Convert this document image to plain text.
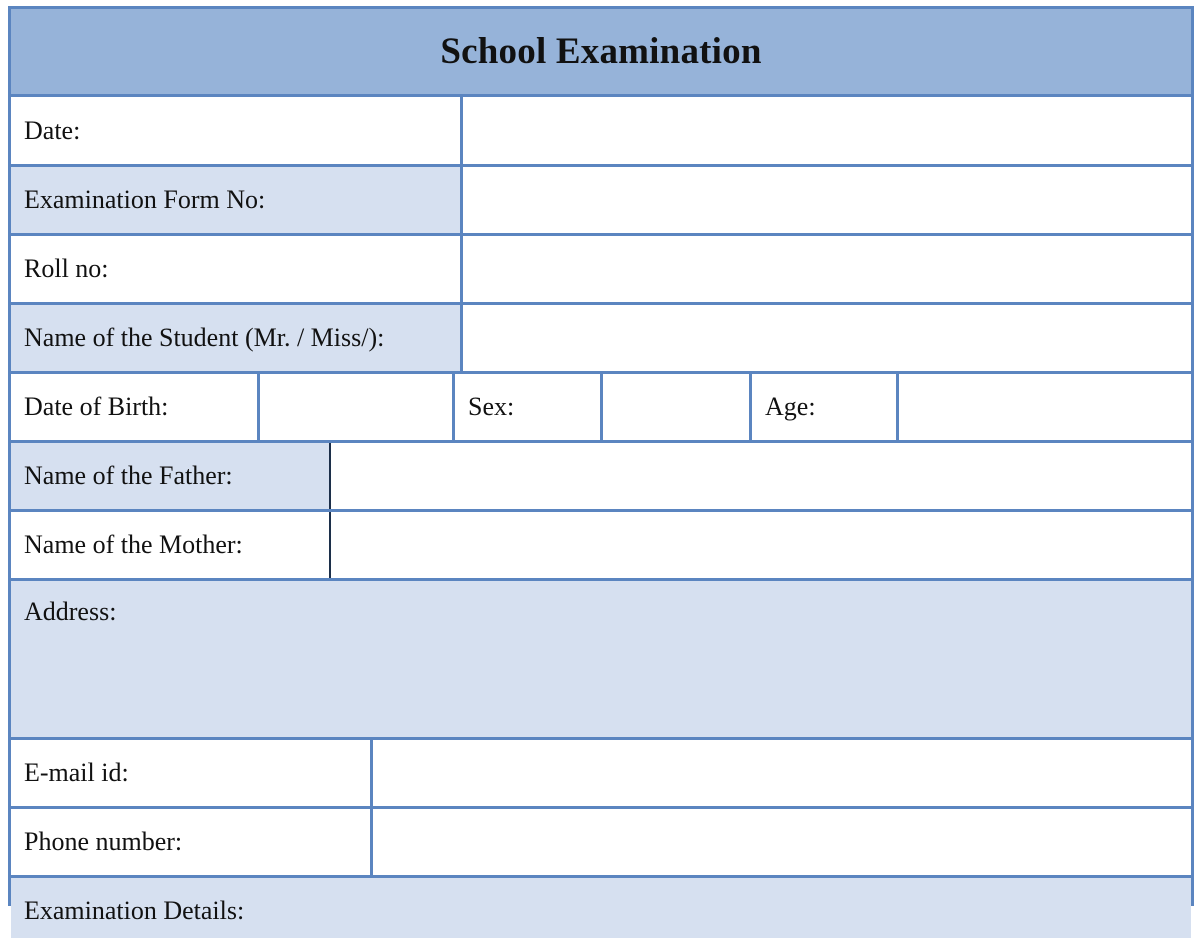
School Examination
Date:
Examination Form No:
Roll no:
Name of the Student (Mr. / Miss/):
Date of Birth:	Sex:	Age:
Name of the Father:
Name of the Mother:
Address:
E-mail id:
Phone number:
Examination Details:
